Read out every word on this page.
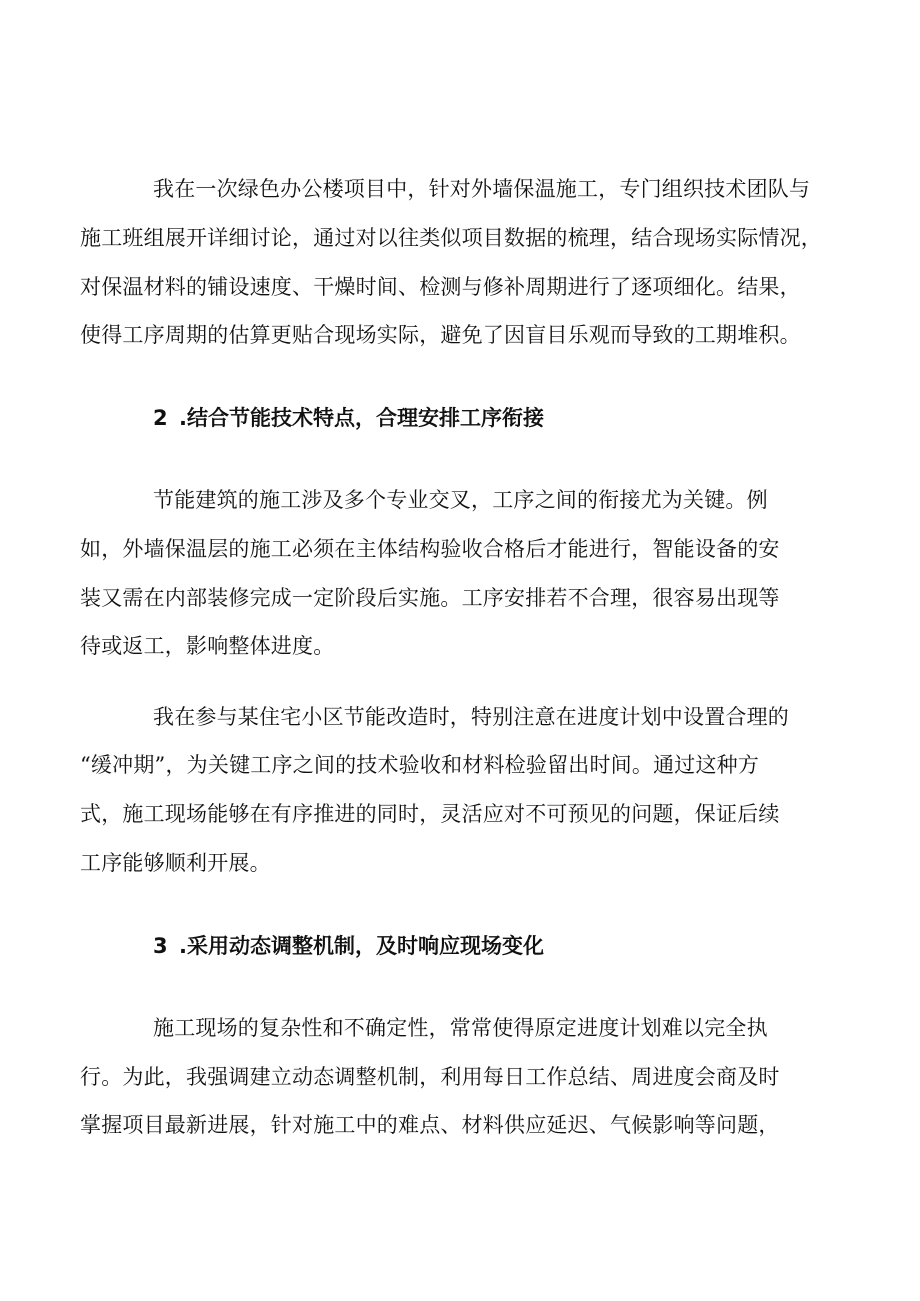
我在一次绿色办公楼项目中，针对外墙保温施工，专门组织技术团队与
施工班组展开详细讨论，通过对以往类似项目数据的梳理，结合现场实际情况，
对保温材料的铺设速度、干燥时间、检测与修补周期进行了逐项细化。结果，
使得工序周期的估算更贴合现场实际，避免了因盲目乐观而导致的工期堆积。
2 .结合节能技术特点，合理安排工序衔接
节能建筑的施工涉及多个专业交叉，工序之间的衔接尤为关键。例
如，外墙保温层的施工必须在主体结构验收合格后才能进行，智能设备的安
装又需在内部装修完成一定阶段后实施。工序安排若不合理，很容易出现等
待或返工，影响整体进度。
我在参与某住宅小区节能改造时，特别注意在进度计划中设置合理的
“缓冲期”，为关键工序之间的技术验收和材料检验留出时间。通过这种方
式，施工现场能够在有序推进的同时，灵活应对不可预见的问题，保证后续
工序能够顺利开展。
3 .采用动态调整机制，及时响应现场变化
施工现场的复杂性和不确定性，常常使得原定进度计划难以完全执
行。为此，我强调建立动态调整机制，利用每日工作总结、周进度会商及时
掌握项目最新进展，针对施工中的难点、材料供应延迟、气候影响等问题，
